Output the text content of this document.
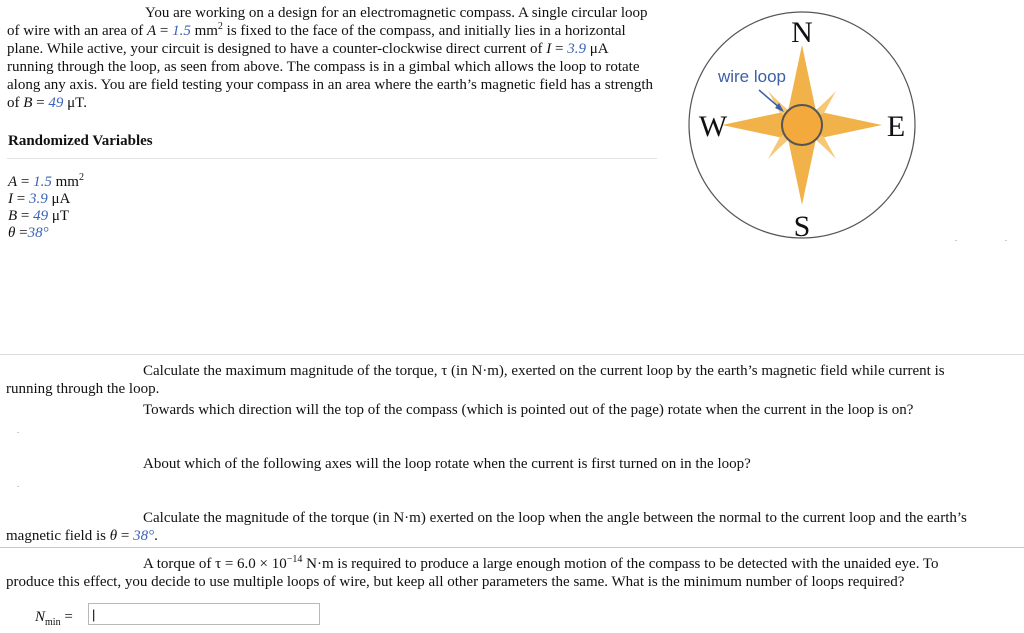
You are working on a design for an electromagnetic compass. A single circular loop of wire with an area of A = 1.5 $mm^2$ is fixed to the face of the compass, and initially lies in a horizontal plane. While active, your circuit is designed to have a counter-clockwise direct current of I = 3.9 μA running through the loop, as seen from above. The compass is in a gimbal which allows the loop to rotate along any axis. You are field testing your compass in an area where the earth’s magnetic field has a strength of B = 49 μT.

Randomized Variables
A = 1.5 $mm^2$
I = 3.9 μA
B = 49 μT
θ =38°
N
S
W	E
wire loop
Calculate the maximum magnitude of the torque, τ (in N·m), exerted on the current loop by the earth’s magnetic field while current is
running through the loop.
Towards which direction will the top of the compass (which is pointed out of the page) rotate when the current in the loop is on?
About which of the following axes will the loop rotate when the current is first turned on in the loop?
Calculate the magnitude of the torque (in N·m) exerted on the loop when the angle between the normal to the current loop and the earth’s
magnetic field is θ = 38°.
A torque of $\tau = 6.0 \times 10^{-14}$ N·m is required to produce a large enough motion of the compass to be detected with the unaided eye. To
produce this effect, you decide to use multiple loops of wire, but keep all other parameters the same. What is the minimum number of loops required?
$N_{min}$ =
|
